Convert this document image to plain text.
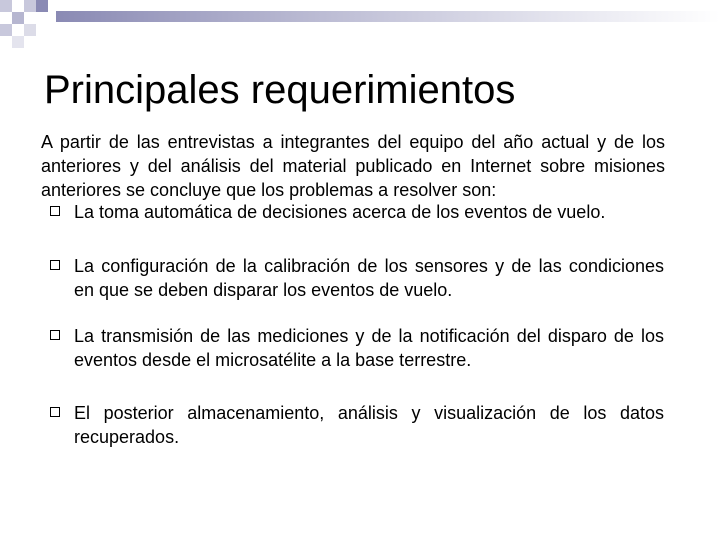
Principales requerimientos

A partir de las entrevistas a integrantes del equipo del año actual y de los anteriores y del análisis del material publicado en Internet sobre misiones anteriores se concluye que los problemas a resolver son:

La toma automática de decisiones acerca de los eventos de vuelo.
La configuración de la calibración de los sensores y de las condiciones en que se deben disparar los eventos de vuelo.
La transmisión de las mediciones y de la notificación del disparo de los eventos desde el microsatélite a la base terrestre.
El posterior almacenamiento, análisis y visualización de los datos recuperados.
